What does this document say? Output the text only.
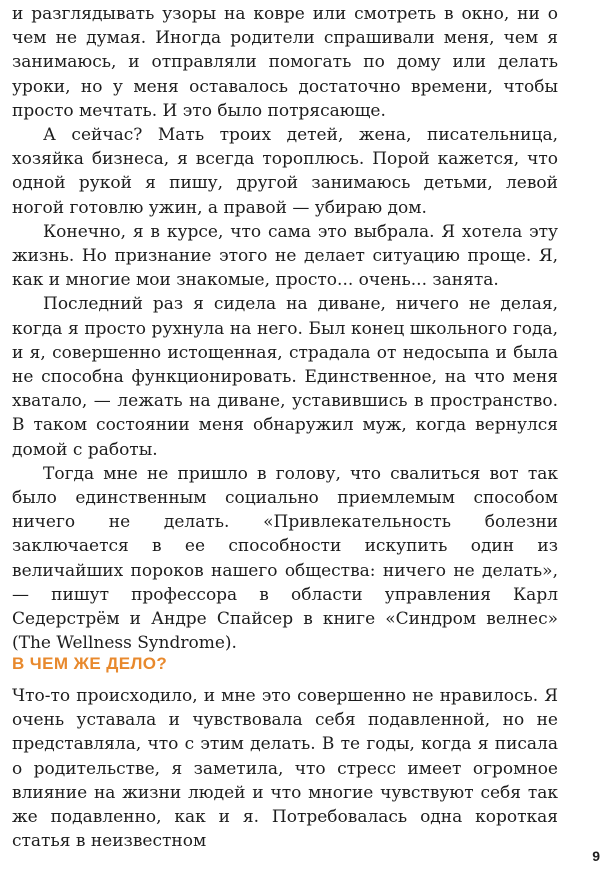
и разглядывать узоры на ковре или смотреть в окно, ни о чем не думая. Иногда родители спрашивали меня, чем я занимаюсь, и отправляли помогать по дому или делать уроки, но у меня оставалось достаточно времени, чтобы просто мечтать. И это было потрясающе.

А сейчас? Мать троих детей, жена, писательница, хозяйка бизнеса, я всегда тороплюсь. Порой кажется, что одной рукой я пишу, другой занимаюсь детьми, левой ногой готовлю ужин, а правой — убираю дом.

Конечно, я в курсе, что сама это выбрала. Я хотела эту жизнь. Но признание этого не делает ситуацию проще. Я, как и многие мои знакомые, просто... очень... занята.

Последний раз я сидела на диване, ничего не делая, когда я просто рухнула на него. Был конец школьного года, и я, совершенно истощенная, страдала от недосыпа и была не способна функционировать. Единственное, на что меня хватало, — лежать на диване, уставившись в пространство. В таком состоянии меня обнаружил муж, когда вернулся домой с работы.

Тогда мне не пришло в голову, что свалиться вот так было единственным социально приемлемым способом ничего не делать. «Привлекательность болезни заключается в ее способности искупить один из величайших пороков нашего общества: ничего не делать», — пишут профессора в области управления Карл Седерстрём и Андре Спайсер в книге «Синдром велнес» (The Wellness Syndrome).

В ЧЕМ ЖЕ ДЕЛО?

Что-то происходило, и мне это совершенно не нравилось. Я очень уставала и чувствовала себя подавленной, но не представляла, что с этим делать. В те годы, когда я писала о родительстве, я заметила, что стресс имеет огромное влияние на жизни людей и что многие чувствуют себя так же подавленно, как и я. Потребовалась одна короткая статья в неизвестном

9
